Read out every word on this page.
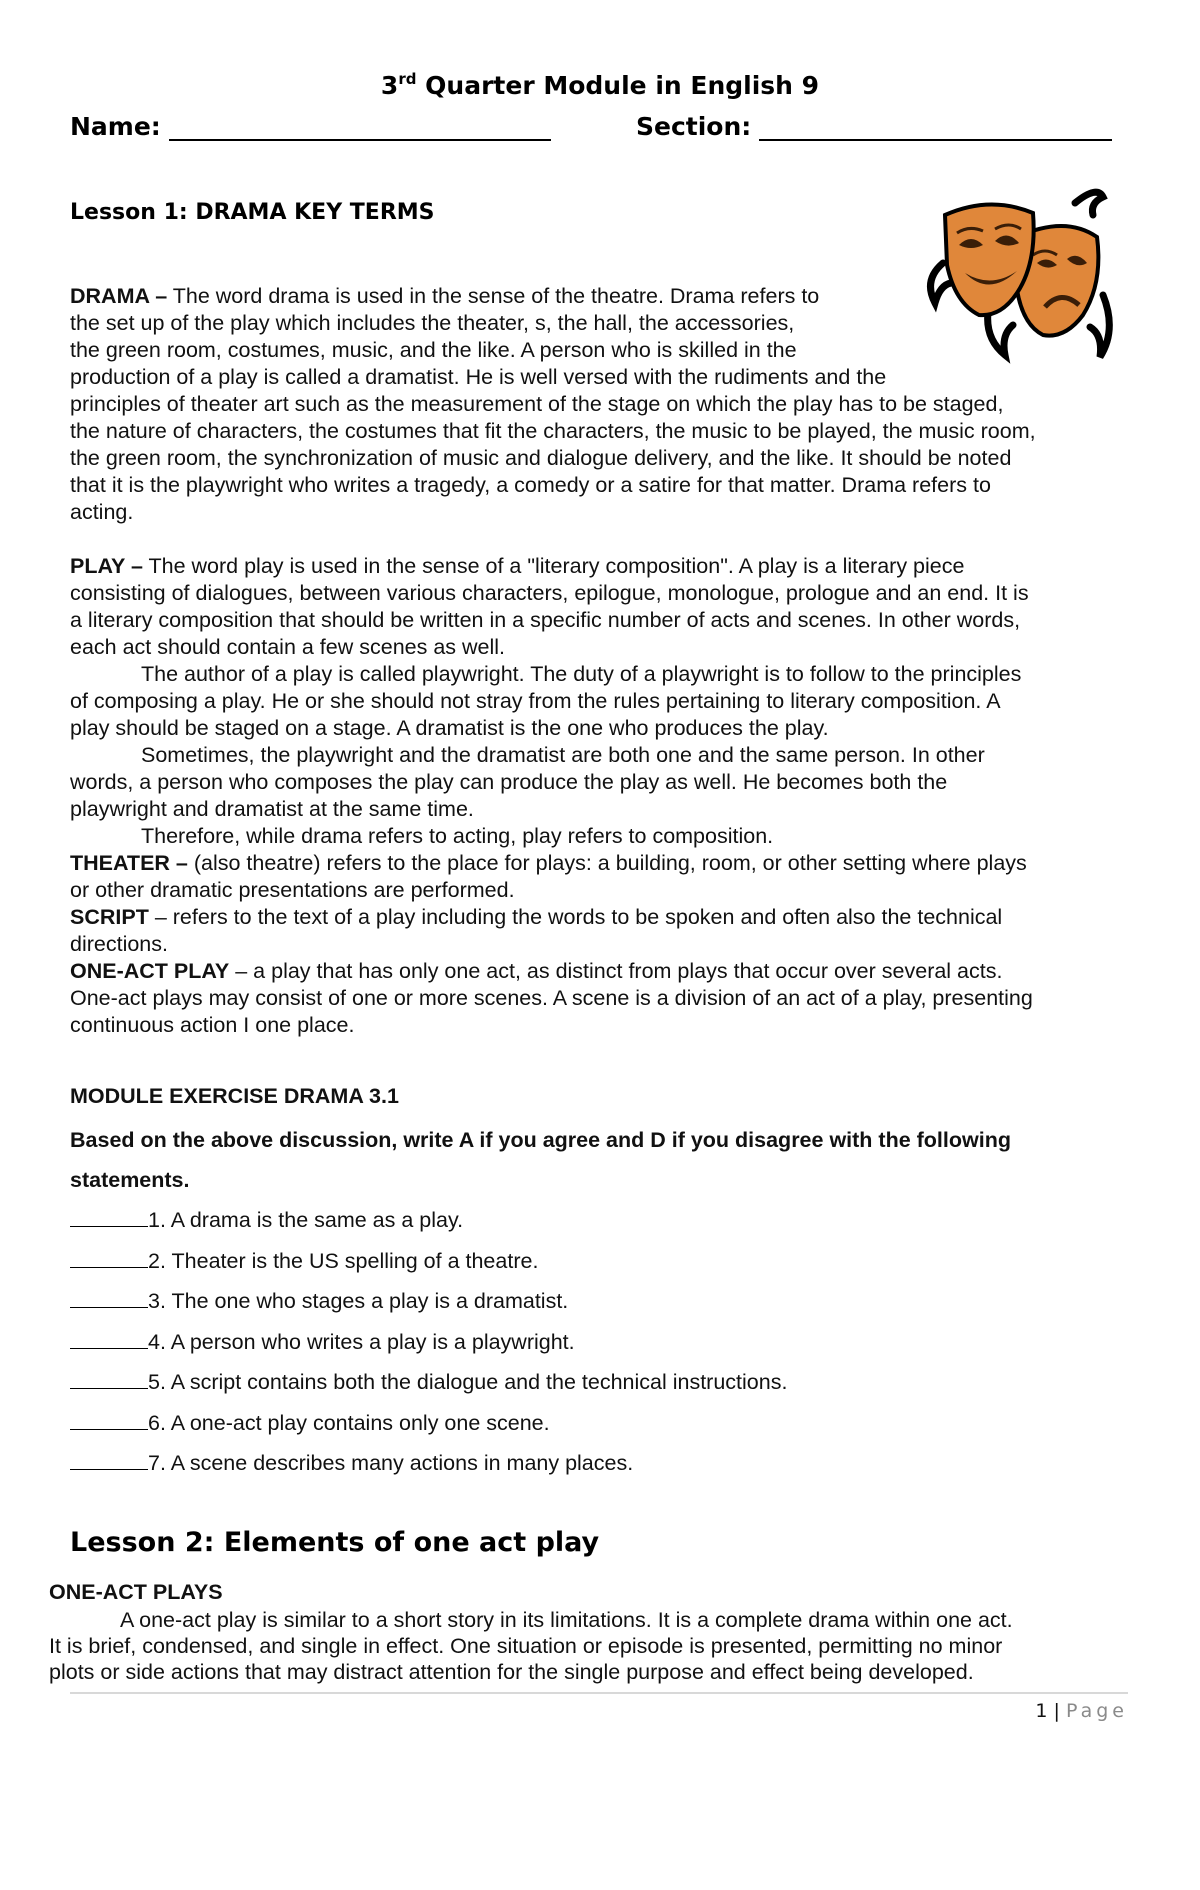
3rd Quarter Module in English 9
Name:	Section:
Lesson 1: DRAMA KEY TERMS

DRAMA – The word drama is used in the sense of the theatre. Drama refers to

the set up of the play which includes the theater, s, the hall, the accessories,

the green room, costumes, music, and the like. A person who is skilled in the

production of a play is called a dramatist. He is well versed with the rudiments and the

principles of theater art such as the measurement of the stage on which the play has to be staged,

the nature of characters, the costumes that fit the characters, the music to be played, the music room,

the green room, the synchronization of music and dialogue delivery, and the like. It should be noted

that it is the playwright who writes a tragedy, a comedy or a satire for that matter. Drama refers to

acting.

PLAY – The word play is used in the sense of a "literary composition". A play is a literary piece

consisting of dialogues, between various characters, epilogue, monologue, prologue and an end. It is

a literary composition that should be written in a specific number of acts and scenes. In other words,

each act should contain a few scenes as well.

The author of a play is called playwright. The duty of a playwright is to follow to the principles

of composing a play. He or she should not stray from the rules pertaining to literary composition. A

play should be staged on a stage. A dramatist is the one who produces the play.

Sometimes, the playwright and the dramatist are both one and the same person. In other

words, a person who composes the play can produce the play as well. He becomes both the

playwright and dramatist at the same time.

Therefore, while drama refers to acting, play refers to composition.

THEATER – (also theatre) refers to the place for plays: a building, room, or other setting where plays

or other dramatic presentations are performed.

SCRIPT – refers to the text of a play including the words to be spoken and often also the technical

directions.

ONE-ACT PLAY – a play that has only one act, as distinct from plays that occur over several acts.

One-act plays may consist of one or more scenes. A scene is a division of an act of a play, presenting

continuous action I one place.

MODULE EXERCISE DRAMA 3.1
Based on the above discussion, write A if you agree and D if you disagree with the following statements.
1. A drama is the same as a play.
2. Theater is the US spelling of a theatre.
3. The one who stages a play is a dramatist.
4. A person who writes a play is a playwright.
5. A script contains both the dialogue and the technical instructions.
6. A one-act play contains only one scene.
7. A scene describes many actions in many places.
Lesson 2: Elements of one act play
ONE-ACT PLAYS

A one-act play is similar to a short story in its limitations. It is a complete drama within one act.

It is brief, condensed, and single in effect. One situation or episode is presented, permitting no minor

plots or side actions that may distract attention for the single purpose and effect being developed.

1 | Page
